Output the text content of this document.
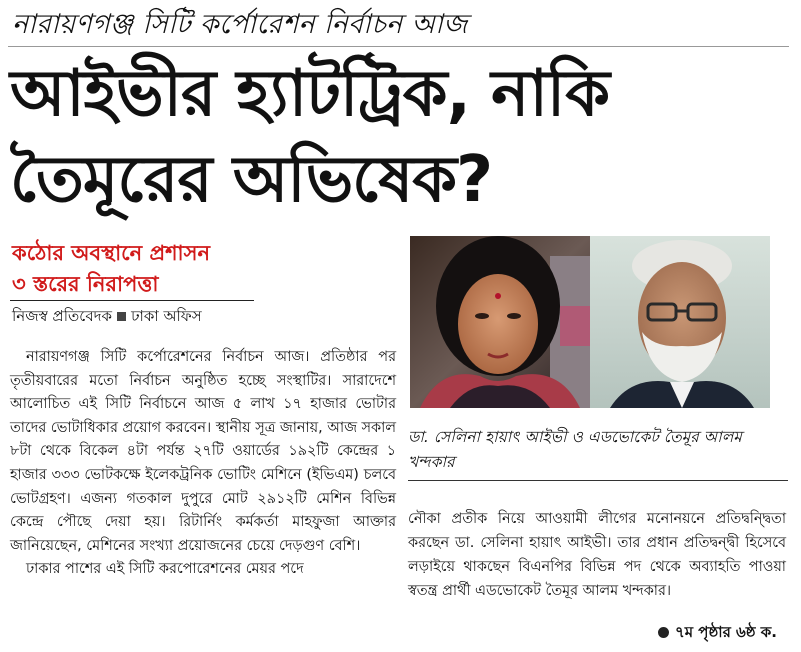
নারায়ণগঞ্জ সিটি কর্পোরেশন নির্বাচন আজ
আইভীর হ্যাটট্রিক, নাকি
তৈমূরের অভিষেক?
কঠোর অবস্থানে প্রশাসন
৩ স্তরের নিরাপত্তা
নিজস্ব প্রতিবেদক ঢাকা অফিস

নারায়ণগঞ্জ সিটি কর্পোরেশনের নির্বাচন আজ। প্রতিষ্ঠার পর তৃতীয়বারের মতো নির্বাচন অনুষ্ঠিত হচ্ছে সংস্থাটির। সারাদেশে আলোচিত এই সিটি নির্বাচনে আজ ৫ লাখ ১৭ হাজার ভোটার তাদের ভোটাধিকার প্রয়োগ করবেন। স্থানীয় সূত্র জানায়, আজ সকাল ৮টা থেকে বিকেল ৪টা পর্যন্ত ২৭টি ওয়ার্ডের ১৯২টি কেন্দ্রের ১ হাজার ৩৩৩ ভোটকক্ষে ইলেকট্রনিক ভোটিং মেশিনে (ইভিএম) চলবে ভোটগ্রহণ। এজন্য গতকাল দুপুরে মোট ২৯১২টি মেশিন বিভিন্ন কেন্দ্রে পৌছে দেয়া হয়। রিটার্নিং কর্মকর্তা মাহফুজা আক্তার জানিয়েছেন, মেশিনের সংখ্যা প্রয়োজনের চেয়ে দেড়গুণ বেশি।

ঢাকার পাশের এই সিটি করপোরেশনের মেয়র পদে

ডা. সেলিনা হায়াৎ আইভী ও এডভোকেট তৈমূর আলম খন্দকার

নৌকা প্রতীক নিয়ে আওয়ামী লীগের মনোনয়নে প্রতিদ্বন্দ্বিতা করছেন ডা. সেলিনা হায়াৎ আইভী। তার প্রধান প্রতিদ্বন্দ্বী হিসেবে লড়াইয়ে থাকছেন বিএনপির বিভিন্ন পদ থেকে অব্যাহতি পাওয়া স্বতন্ত্র প্রার্থী এডভোকেট তৈমূর আলম খন্দকার।

৭ম পৃষ্ঠার ৬ষ্ঠ ক.
